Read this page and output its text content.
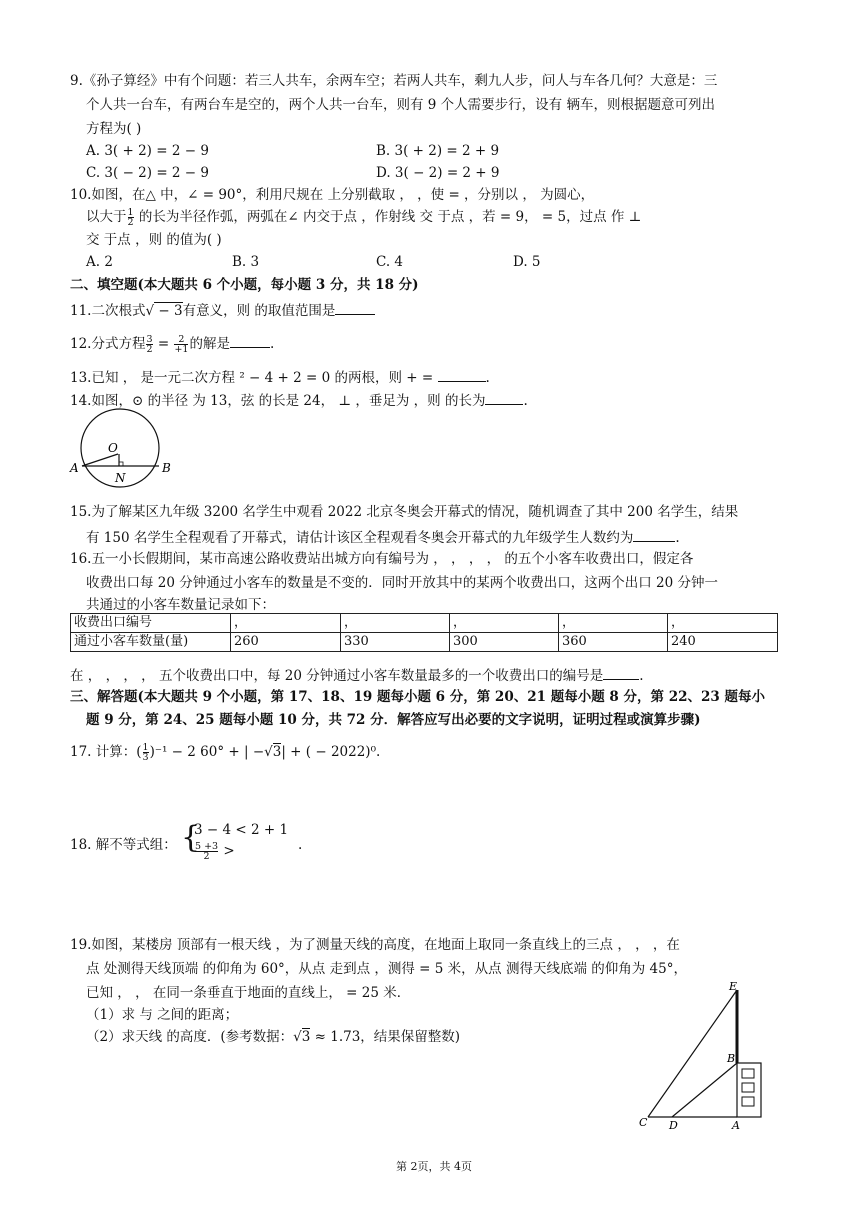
9.《孙子算经》中有个问题：若三人共车，余两车空；若两人共车，剩九人步，问人与车各几何？大意是：三
个人共一台车，有两台车是空的，两个人共一台车，则有 9 个人需要步行，设有 辆车，则根据题意可列出
方程为( )
A. 3( + 2) = 2 − 9	B. 3( + 2) = 2 + 9
C. 3( − 2) = 2 − 9	D. 3( − 2) = 2 + 9
10.如图，在△ 中，∠ = 90°，利用尺规在 上分别截取 ， ，使 = ，分别以 ， 为圆心，
以大于 $\frac{1}{2}$ 的长为半径作弧，两弧在∠ 内交于点 ，作射线 交 于点 ，若 = 9， = 5，过点 作 ⊥
交 于点 ，则 的值为( )
A. 2	B. 3	C. 4	D. 5
二、填空题(本大题共 6 个小题，每小题 3 分，共 18 分)
11.二次根式√ − 3有意义，则 的取值范围是
12.分式方程 $\frac{3}{2} = \frac{2}{+1}$ 的解是	.
13.已知 ， 是一元二次方程 ² − 4 + 2 = 0 的两根，则 + =	.
14.如图，⊙ 的半径 为 13，弦 的长是 24， ⊥ ，垂足为 ，则 的长为	.
O
A	B
N
15.为了解某区九年级 3200 名学生中观看 2022 北京冬奥会开幕式的情况，随机调查了其中 200 名学生，结果
有 150 名学生全程观看了开幕式，请估计该区全程观看冬奥会开幕式的九年级学生人数约为	.
16.五一小长假期间，某市高速公路收费站出城方向有编号为 ， ， ， ， 的五个小客车收费出口，假定各
收费出口每 20 分钟通过小客车的数量是不变的．同时开放其中的某两个收费出口，这两个出口 20 分钟一
共通过的小客车数量记录如下：
收费出口编号	，	，	，	，	，
通过小客车数量(量)	260	330	300	360	240
在 ， ， ， ， 五个收费出口中，每 20 分钟通过小客车数量最多的一个收费出口的编号是	.
三、解答题(本大题共 9 个小题，第 17、18、19 题每小题 6 分，第 20、21 题每小题 8 分，第 22、23 题每小
题 9 分，第 24、25 题每小题 10 分，共 72 分．解答应写出必要的文字说明，证明过程或演算步骤)
17. 计算：( $\frac{1}{3} )^{-1} - 2$ 60° + | −√3| + ( − 2022)⁰.
18. 解不等式组： {
3 − 4 < 2 + 1
$\frac{5 +3}{2}$ >	.
19.如图，某楼房 顶部有一根天线 ，为了测量天线的高度，在地面上取同一条直线上的三点 ， ， ，在
点 处测得天线顶端 的仰角为 60°，从点 走到点 ，测得 = 5 米，从点 测得天线底端 的仰角为 45°，
已知 ， ， 在同一条垂直于地面的直线上， = 25 米．
（1）求 与 之间的距离；
（2）求天线 的高度．(参考数据：√3 ≈ 1.73，结果保留整数)
E
B
C D	A
第 2页，共 4页
